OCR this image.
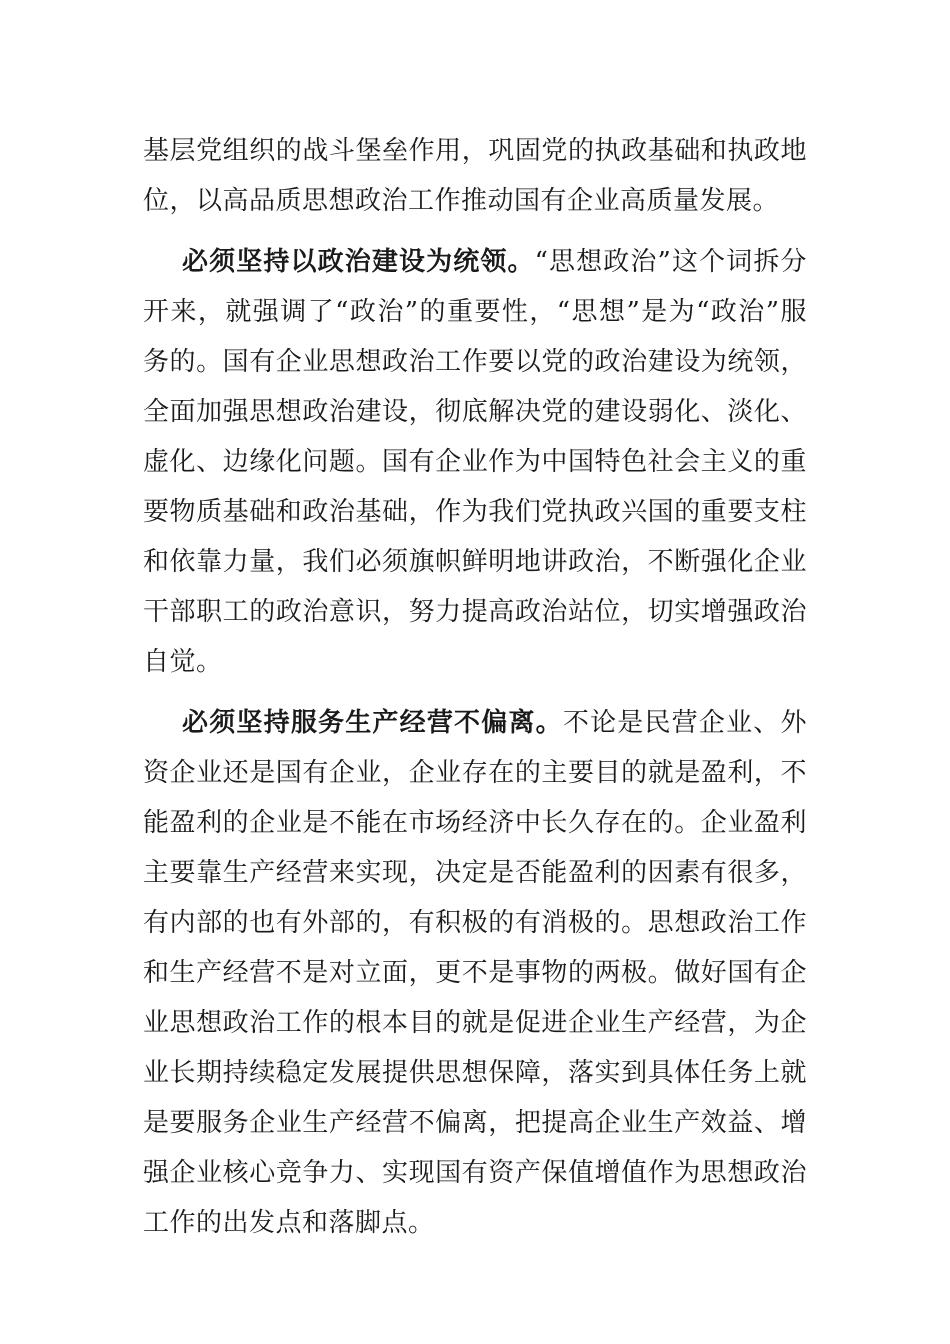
基层党组织的战斗堡垒作用，巩固党的执政基础和执政地位，以高品质思想政治工作推动国有企业高质量发展。

必须坚持以政治建设为统领。“思想政治”这个词拆分开来，就强调了“政治”的重要性，“思想”是为“政治”服务的。国有企业思想政治工作要以党的政治建设为统领，全面加强思想政治建设，彻底解决党的建设弱化、淡化、虚化、边缘化问题。国有企业作为中国特色社会主义的重要物质基础和政治基础，作为我们党执政兴国的重要支柱和依靠力量，我们必须旗帜鲜明地讲政治，不断强化企业干部职工的政治意识，努力提高政治站位，切实增强政治自觉。

必须坚持服务生产经营不偏离。不论是民营企业、外资企业还是国有企业，企业存在的主要目的就是盈利，不能盈利的企业是不能在市场经济中长久存在的。企业盈利主要靠生产经营来实现，决定是否能盈利的因素有很多，有内部的也有外部的，有积极的有消极的。思想政治工作和生产经营不是对立面，更不是事物的两极。做好国有企业思想政治工作的根本目的就是促进企业生产经营，为企业长期持续稳定发展提供思想保障，落实到具体任务上就是要服务企业生产经营不偏离，把提高企业生产效益、增强企业核心竞争力、实现国有资产保值增值作为思想政治工作的出发点和落脚点。
